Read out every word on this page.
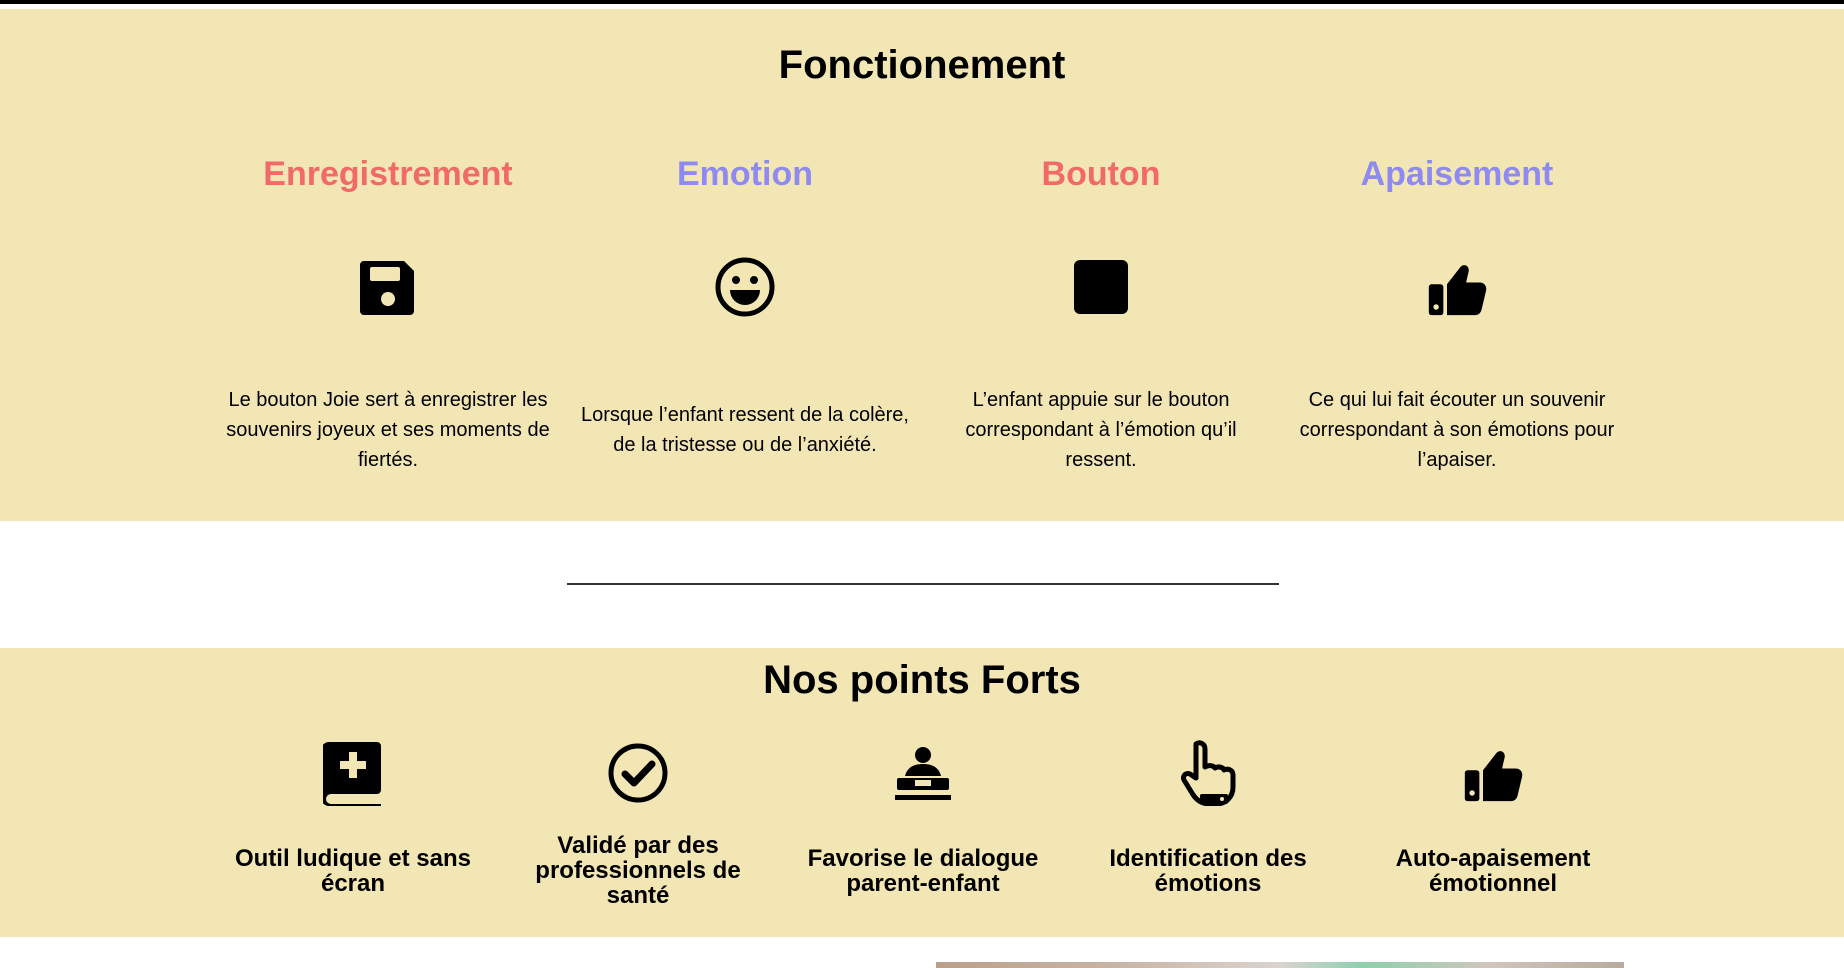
Fonctionement
Enregistrement
Le bouton Joie sert à enregistrer les souvenirs joyeux et ses moments de fiertés.
Emotion
Lorsque l’enfant ressent de la colère, de la tristesse ou de l’anxiété.
Bouton
L’enfant appuie sur le bouton correspondant à l’émotion qu’il ressent.
Apaisement
Ce qui lui fait écouter un souvenir correspondant à son émotions pour l’apaiser.
Nos points Forts
Outil ludique et sans écran
Validé par des professionnels de santé
Favorise le dialogue parent-enfant
Identification des émotions
Auto-apaisement émotionnel
